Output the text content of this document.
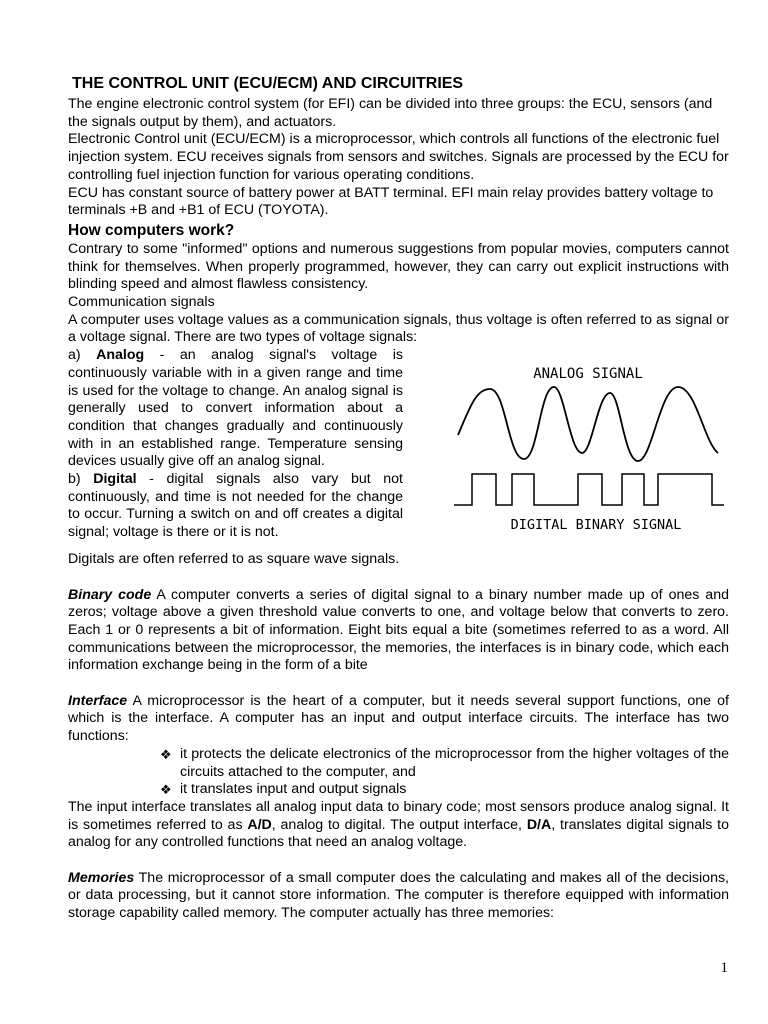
THE CONTROL UNIT (ECU/ECM) AND CIRCUITRIES

The engine electronic control system (for EFI) can be divided into three groups: the ECU, sensors (and the signals output by them), and actuators.

Electronic Control unit (ECU/ECM) is a microprocessor, which controls all functions of the electronic fuel injection system. ECU receives signals from sensors and switches. Signals are processed by the ECU for controlling fuel injection function for various operating conditions.

ECU has constant source of battery power at BATT terminal. EFI main relay provides battery voltage to terminals +B and +B1 of ECU (TOYOTA).

How computers work?

Contrary to some "informed" options and numerous suggestions from popular movies, computers cannot think for themselves. When properly programmed, however, they can carry out explicit instructions with blinding speed and almost flawless consistency.

Communication signals

A computer uses voltage values as a communication signals, thus voltage is often referred to as signal or a voltage signal. There are two types of voltage signals:

ANALOG SIGNAL
DIGITAL BINARY SIGNAL

a) Analog - an analog signal's voltage is continuously variable with in a given range and time is used for the voltage to change. An analog signal is generally used to convert information about a condition that changes gradually and continuously with in an established range. Temperature sensing devices usually give off an analog signal.

b) Digital - digital signals also vary but not continuously, and time is not needed for the change to occur. Turning a switch on and off creates a digital signal; voltage is there or it is not.

Digitals are often referred to as square wave signals.

Binary code A computer converts a series of digital signal to a binary number made up of ones and zeros; voltage above a given threshold value converts to one, and voltage below that converts to zero. Each 1 or 0 represents a bit of information. Eight bits equal a bite (sometimes referred to as a word. All communications between the microprocessor, the memories, the interfaces is in binary code, which each information exchange being in the form of a bite

Interface A microprocessor is the heart of a computer, but it needs several support functions, one of which is the interface. A computer has an input and output interface circuits. The interface has two functions:

❖ it protects the delicate electronics of the microprocessor from the higher voltages of the circuits attached to the computer, and
❖ it translates input and output signals

The input interface translates all analog input data to binary code; most sensors produce analog signal. It is sometimes referred to as A/D, analog to digital. The output interface, D/A, translates digital signals to analog for any controlled functions that need an analog voltage.

Memories The microprocessor of a small computer does the calculating and makes all of the decisions, or data processing, but it cannot store information. The computer is therefore equipped with information storage capability called memory. The computer actually has three memories:

1
